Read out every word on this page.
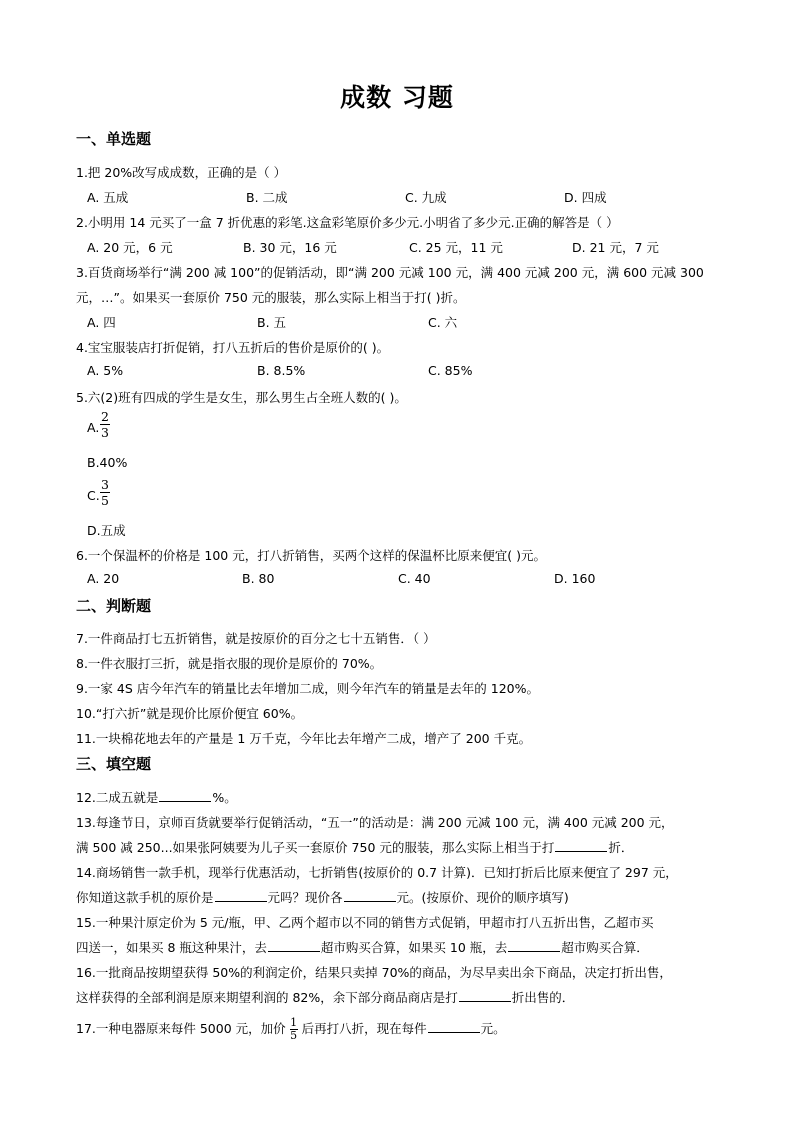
成数 习题
一、单选题
1.把 20%改写成成数，正确的是（ ）
A. 五成	B. 二成	C. 九成	D. 四成
2.小明用 14 元买了一盒 7 折优惠的彩笔.这盒彩笔原价多少元.小明省了多少元.正确的解答是（ ）
A. 20 元，6 元	B. 30 元，16 元	C. 25 元，11 元	D. 21 元，7 元
3.百货商场举行“满 200 减 100”的促销活动，即“满 200 元减 100 元，满 400 元减 200 元，满 600 元减 300
元，…”。如果买一套原价 750 元的服装，那么实际上相当于打( )折。
A. 四	B. 五	C. 六
4.宝宝服装店打折促销，打八五折后的售价是原价的( )。
A. 5%	B. 8.5%	C. 85%
5.六(2)班有四成的学生是女生，那么男生占全班人数的( )。
A.
2
3
B.40%
C.
3
5
D.五成
6.一个保温杯的价格是 100 元，打八折销售，买两个这样的保温杯比原来便宜( )元。
A. 20	B. 80	C. 40	D. 160
二、判断题
7.一件商品打七五折销售，就是按原价的百分之七十五销售．（ ）
8.一件衣服打三折，就是指衣服的现价是原价的 70%。
9.一家 4S 店今年汽车的销量比去年增加二成，则今年汽车的销量是去年的 120%。
10.“打六折”就是现价比原价便宜 60%。
11.一块棉花地去年的产量是 1 万千克，今年比去年增产二成，增产了 200 千克。
三、填空题
12.二成五就是	%。
13.每逢节日，京师百货就要举行促销活动，“五一”的活动是：满 200 元减 100 元，满 400 元减 200 元，
满 500 减 250...如果张阿姨要为儿子买一套原价 750 元的服装，那么实际上相当于打	折．
14.商场销售一款手机，现举行优惠活动，七折销售(按原价的 0.7 计算)．已知打折后比原来便宜了 297 元，
你知道这款手机的原价是	元吗？现价各	元。(按原价、现价的顺序填写)
15.一种果汁原定价为 5 元/瓶，甲、乙两个超市以不同的销售方式促销，甲超市打八五折出售，乙超市买
四送一，如果买 8 瓶这种果汁，去	超市购买合算，如果买 10 瓶，去	超市购买合算．
16.一批商品按期望获得 50%的利润定价，结果只卖掉 70%的商品，为尽早卖出余下商品，决定打折出售，
这样获得的全部利润是原来期望利润的 82%，余下部分商品商店是打	折出售的．
17.一种电器原来每件 5000 元，加价 $\frac{1}{5}$ 后再打八折，现在每件	元。
